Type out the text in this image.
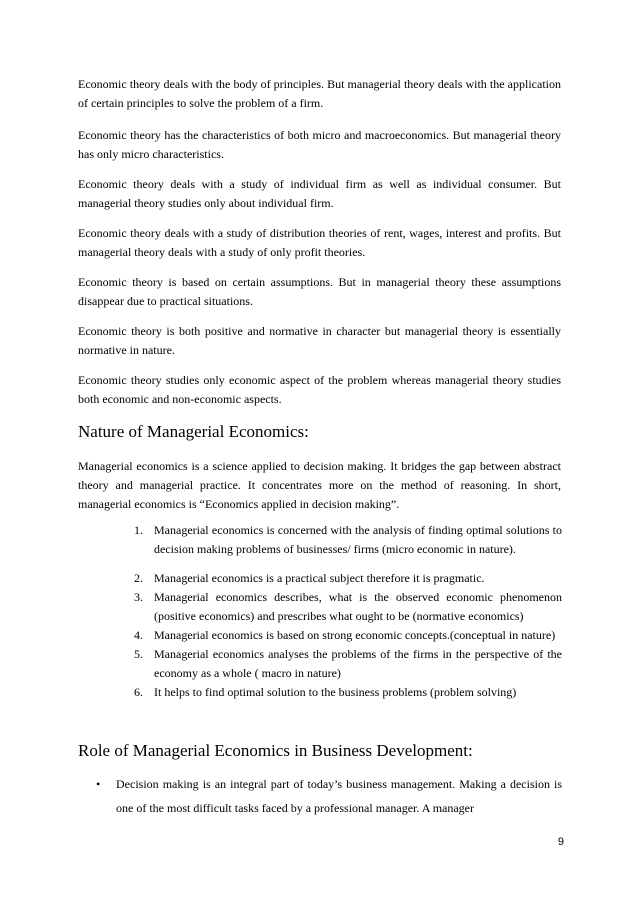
Economic theory deals with the body of principles. But managerial theory deals with the application of certain principles to solve the problem of a firm.

Economic theory has the characteristics of both micro and macroeconomics. But managerial theory has only micro characteristics.

Economic theory deals with a study of individual firm as well as individual consumer. But managerial theory studies only about individual firm.

Economic theory deals with a study of distribution theories of rent, wages, interest and profits. But managerial theory deals with a study of only profit theories.

Economic theory is based on certain assumptions. But in managerial theory these assumptions disappear due to practical situations.

Economic theory is both positive and normative in character but managerial theory is essentially normative in nature.

Economic theory studies only economic aspect of the problem whereas managerial theory studies both economic and non-economic aspects.

Nature of Managerial Economics:

Managerial economics is a science applied to decision making. It bridges the gap between abstract theory and managerial practice. It concentrates more on the method of reasoning. In short, managerial economics is “Economics applied in decision making”.

1. Managerial economics is concerned with the analysis of finding optimal solutions to decision making problems of businesses/ firms (micro economic in nature).
2. Managerial economics is a practical subject therefore it is pragmatic.
3. Managerial economics describes, what is the observed economic phenomenon (positive economics) and prescribes what ought to be (normative economics)
4. Managerial economics is based on strong economic concepts.(conceptual in nature)
5. Managerial economics analyses the problems of the firms in the perspective of the economy as a whole ( macro in nature)
6. It helps to find optimal solution to the business problems (problem solving)
Role of Managerial Economics in Business Development:
• Decision making is an integral part of today’s business management. Making a decision is one of the most difficult tasks faced by a professional manager. A manager
9
